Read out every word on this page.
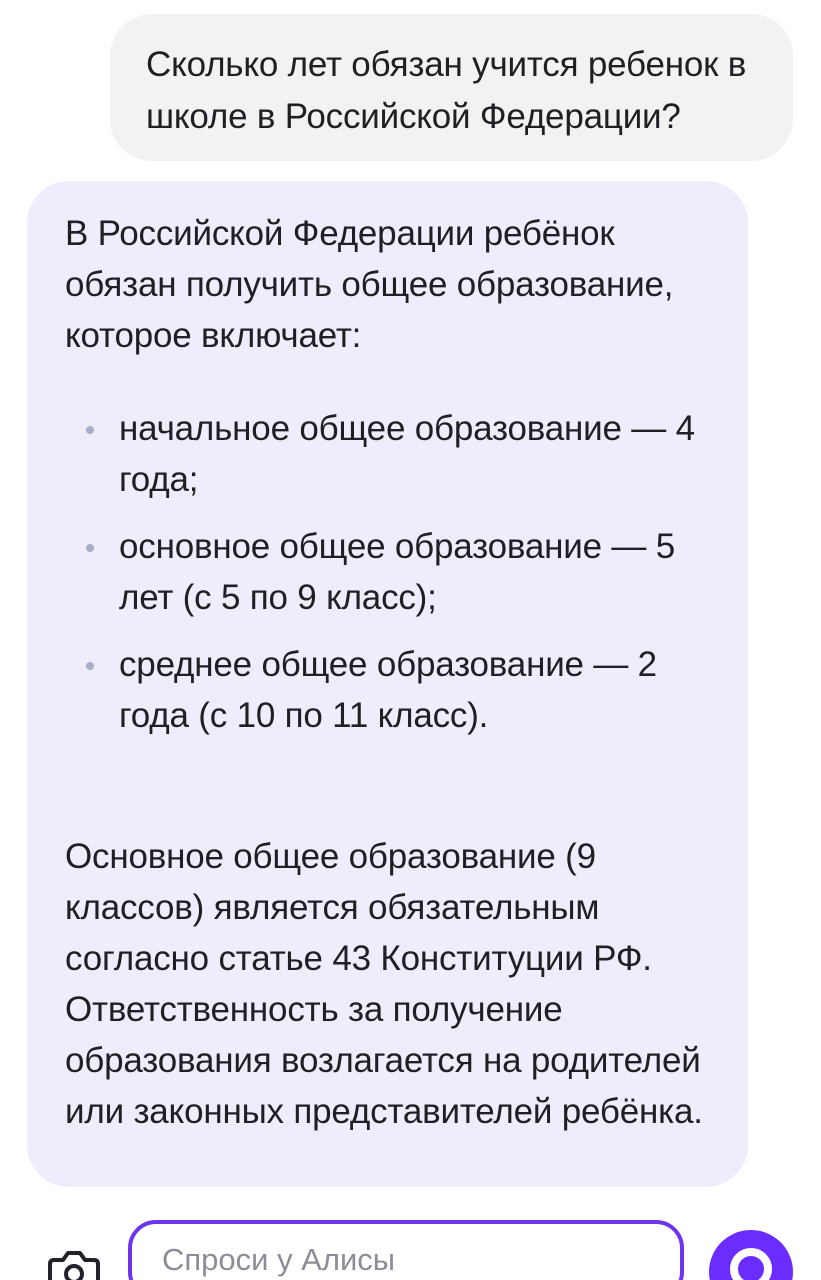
Сколько лет обязан учится ребенок в школе в Российской Федерации?

В Российской Федерации ребёнок обязан получить общее образование, которое включает:

начальное общее образование — 4 года;
основное общее образование — 5 лет (с 5 по 9 класс);
среднее общее образование — 2 года (с 10 по 11 класс).

Основное общее образование (9 классов) является обязательным согласно статье 43 Конституции РФ. Ответственность за получение образования возлагается на родителей или законных представителей ребёнка.

Спроси у Алисы
